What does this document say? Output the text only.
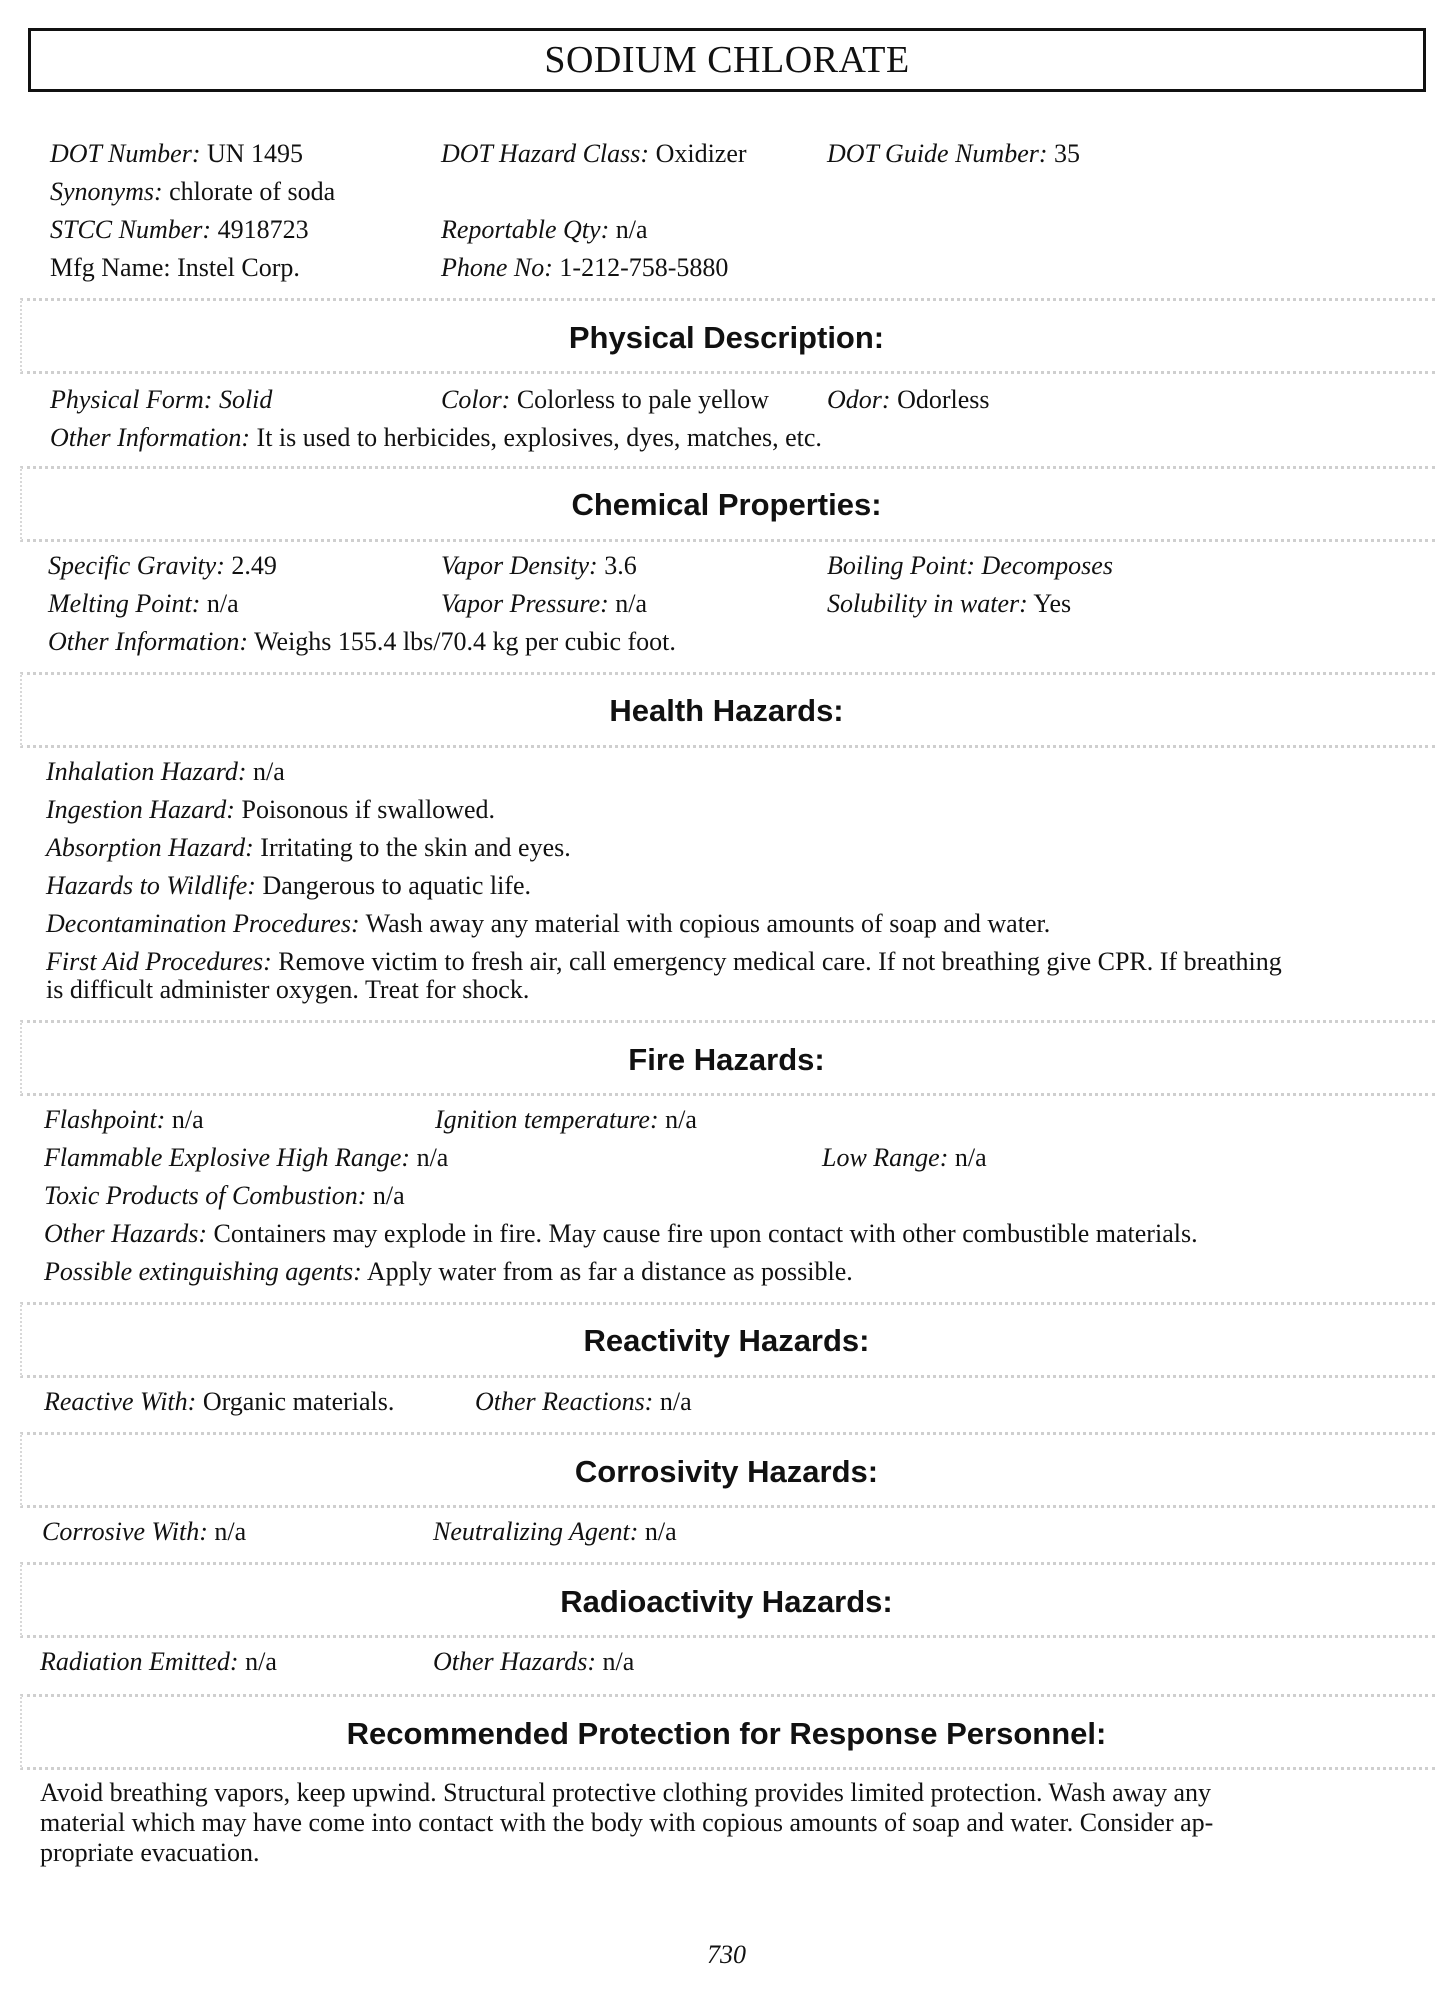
SODIUM CHLORATE
DOT Number: UN 1495	DOT Hazard Class: Oxidizer	DOT Guide Number: 35
Synonyms: chlorate of soda
STCC Number: 4918723	Reportable Qty: n/a
Mfg Name: Instel Corp.	Phone No: 1-212-758-5880
Physical Description:
Physical Form: Solid	Color: Colorless to pale yellow Odor: Odorless
Other Information: It is used to herbicides, explosives, dyes, matches, etc.
Chemical Properties:
Specific Gravity: 2.49	Vapor Density: 3.6	Boiling Point: Decomposes
Melting Point: n/a	Vapor Pressure: n/a	Solubility in water: Yes
Other Information: Weighs 155.4 lbs/70.4 kg per cubic foot.
Health Hazards:
Inhalation Hazard: n/a
Ingestion Hazard: Poisonous if swallowed.
Absorption Hazard: Irritating to the skin and eyes.
Hazards to Wildlife: Dangerous to aquatic life.
Decontamination Procedures: Wash away any material with copious amounts of soap and water.
First Aid Procedures: Remove victim to fresh air, call emergency medical care. If not breathing give CPR. If breathing
is difficult administer oxygen. Treat for shock.
Fire Hazards:
Flashpoint: n/a	Ignition temperature: n/a
Flammable Explosive High Range: n/a	Low Range: n/a
Toxic Products of Combustion: n/a
Other Hazards: Containers may explode in fire. May cause fire upon contact with other combustible materials.
Possible extinguishing agents: Apply water from as far a distance as possible.
Reactivity Hazards:
Reactive With: Organic materials.	Other Reactions: n/a
Corrosivity Hazards:
Corrosive With: n/a	Neutralizing Agent: n/a
Radioactivity Hazards:
Radiation Emitted: n/a	Other Hazards: n/a
Recommended Protection for Response Personnel:
Avoid breathing vapors, keep upwind. Structural protective clothing provides limited protection. Wash away any
material which may have come into contact with the body with copious amounts of soap and water. Consider ap-
propriate evacuation.
730
